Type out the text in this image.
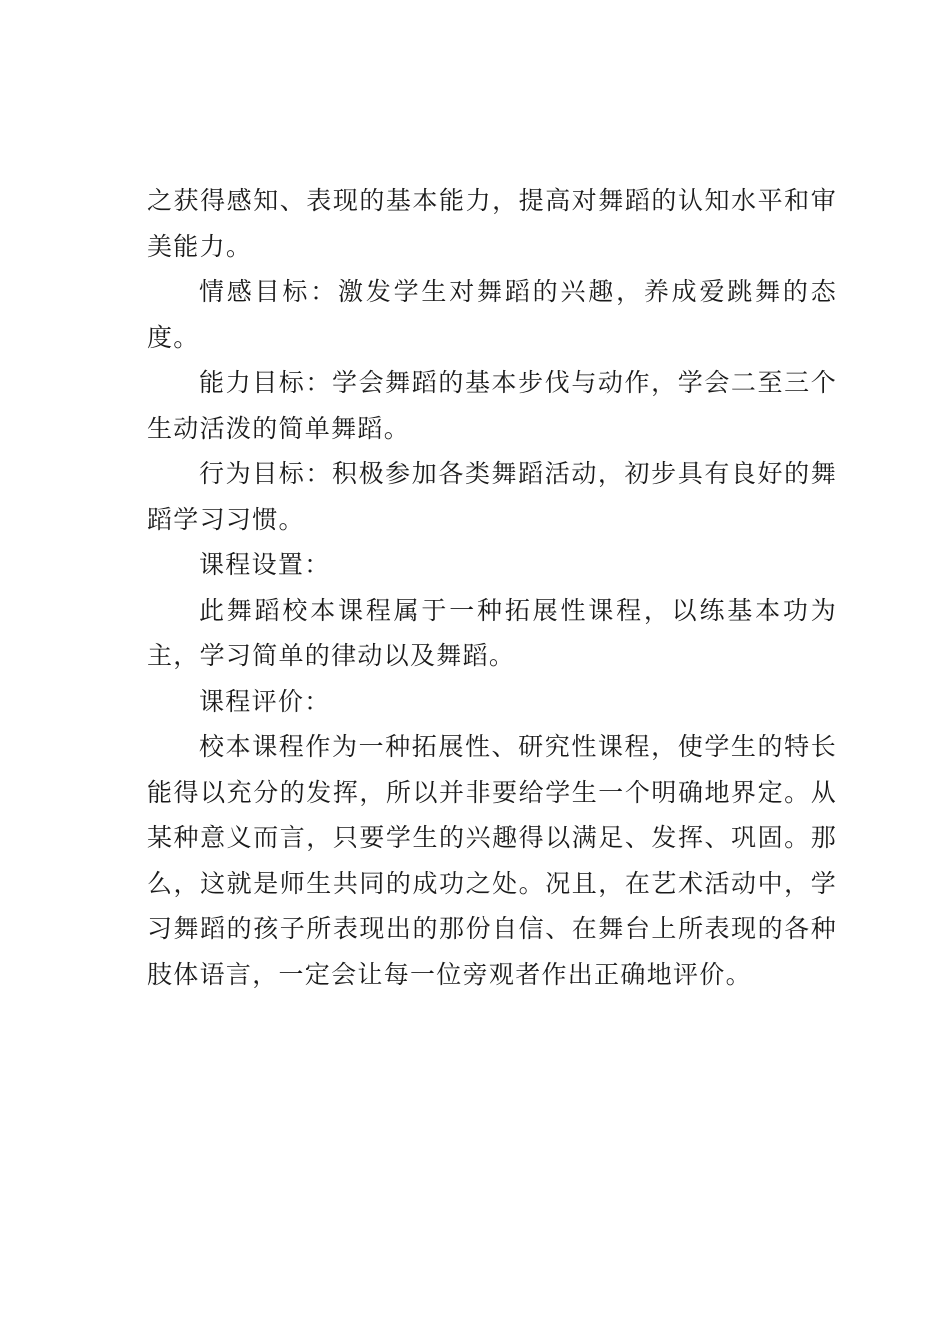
之获得感知、表现的基本能力，提高对舞蹈的认知水平和审美能力。

情感目标：激发学生对舞蹈的兴趣，养成爱跳舞的态度。

能力目标：学会舞蹈的基本步伐与动作，学会二至三个生动活泼的简单舞蹈。

行为目标：积极参加各类舞蹈活动，初步具有良好的舞蹈学习习惯。

课程设置：

此舞蹈校本课程属于一种拓展性课程，以练基本功为主，学习简单的律动以及舞蹈。

课程评价：

校本课程作为一种拓展性、研究性课程，使学生的特长能得以充分的发挥，所以并非要给学生一个明确地界定。从某种意义而言，只要学生的兴趣得以满足、发挥、巩固。那么，这就是师生共同的成功之处。况且，在艺术活动中，学习舞蹈的孩子所表现出的那份自信、在舞台上所表现的各种肢体语言，一定会让每一位旁观者作出正确地评价。
